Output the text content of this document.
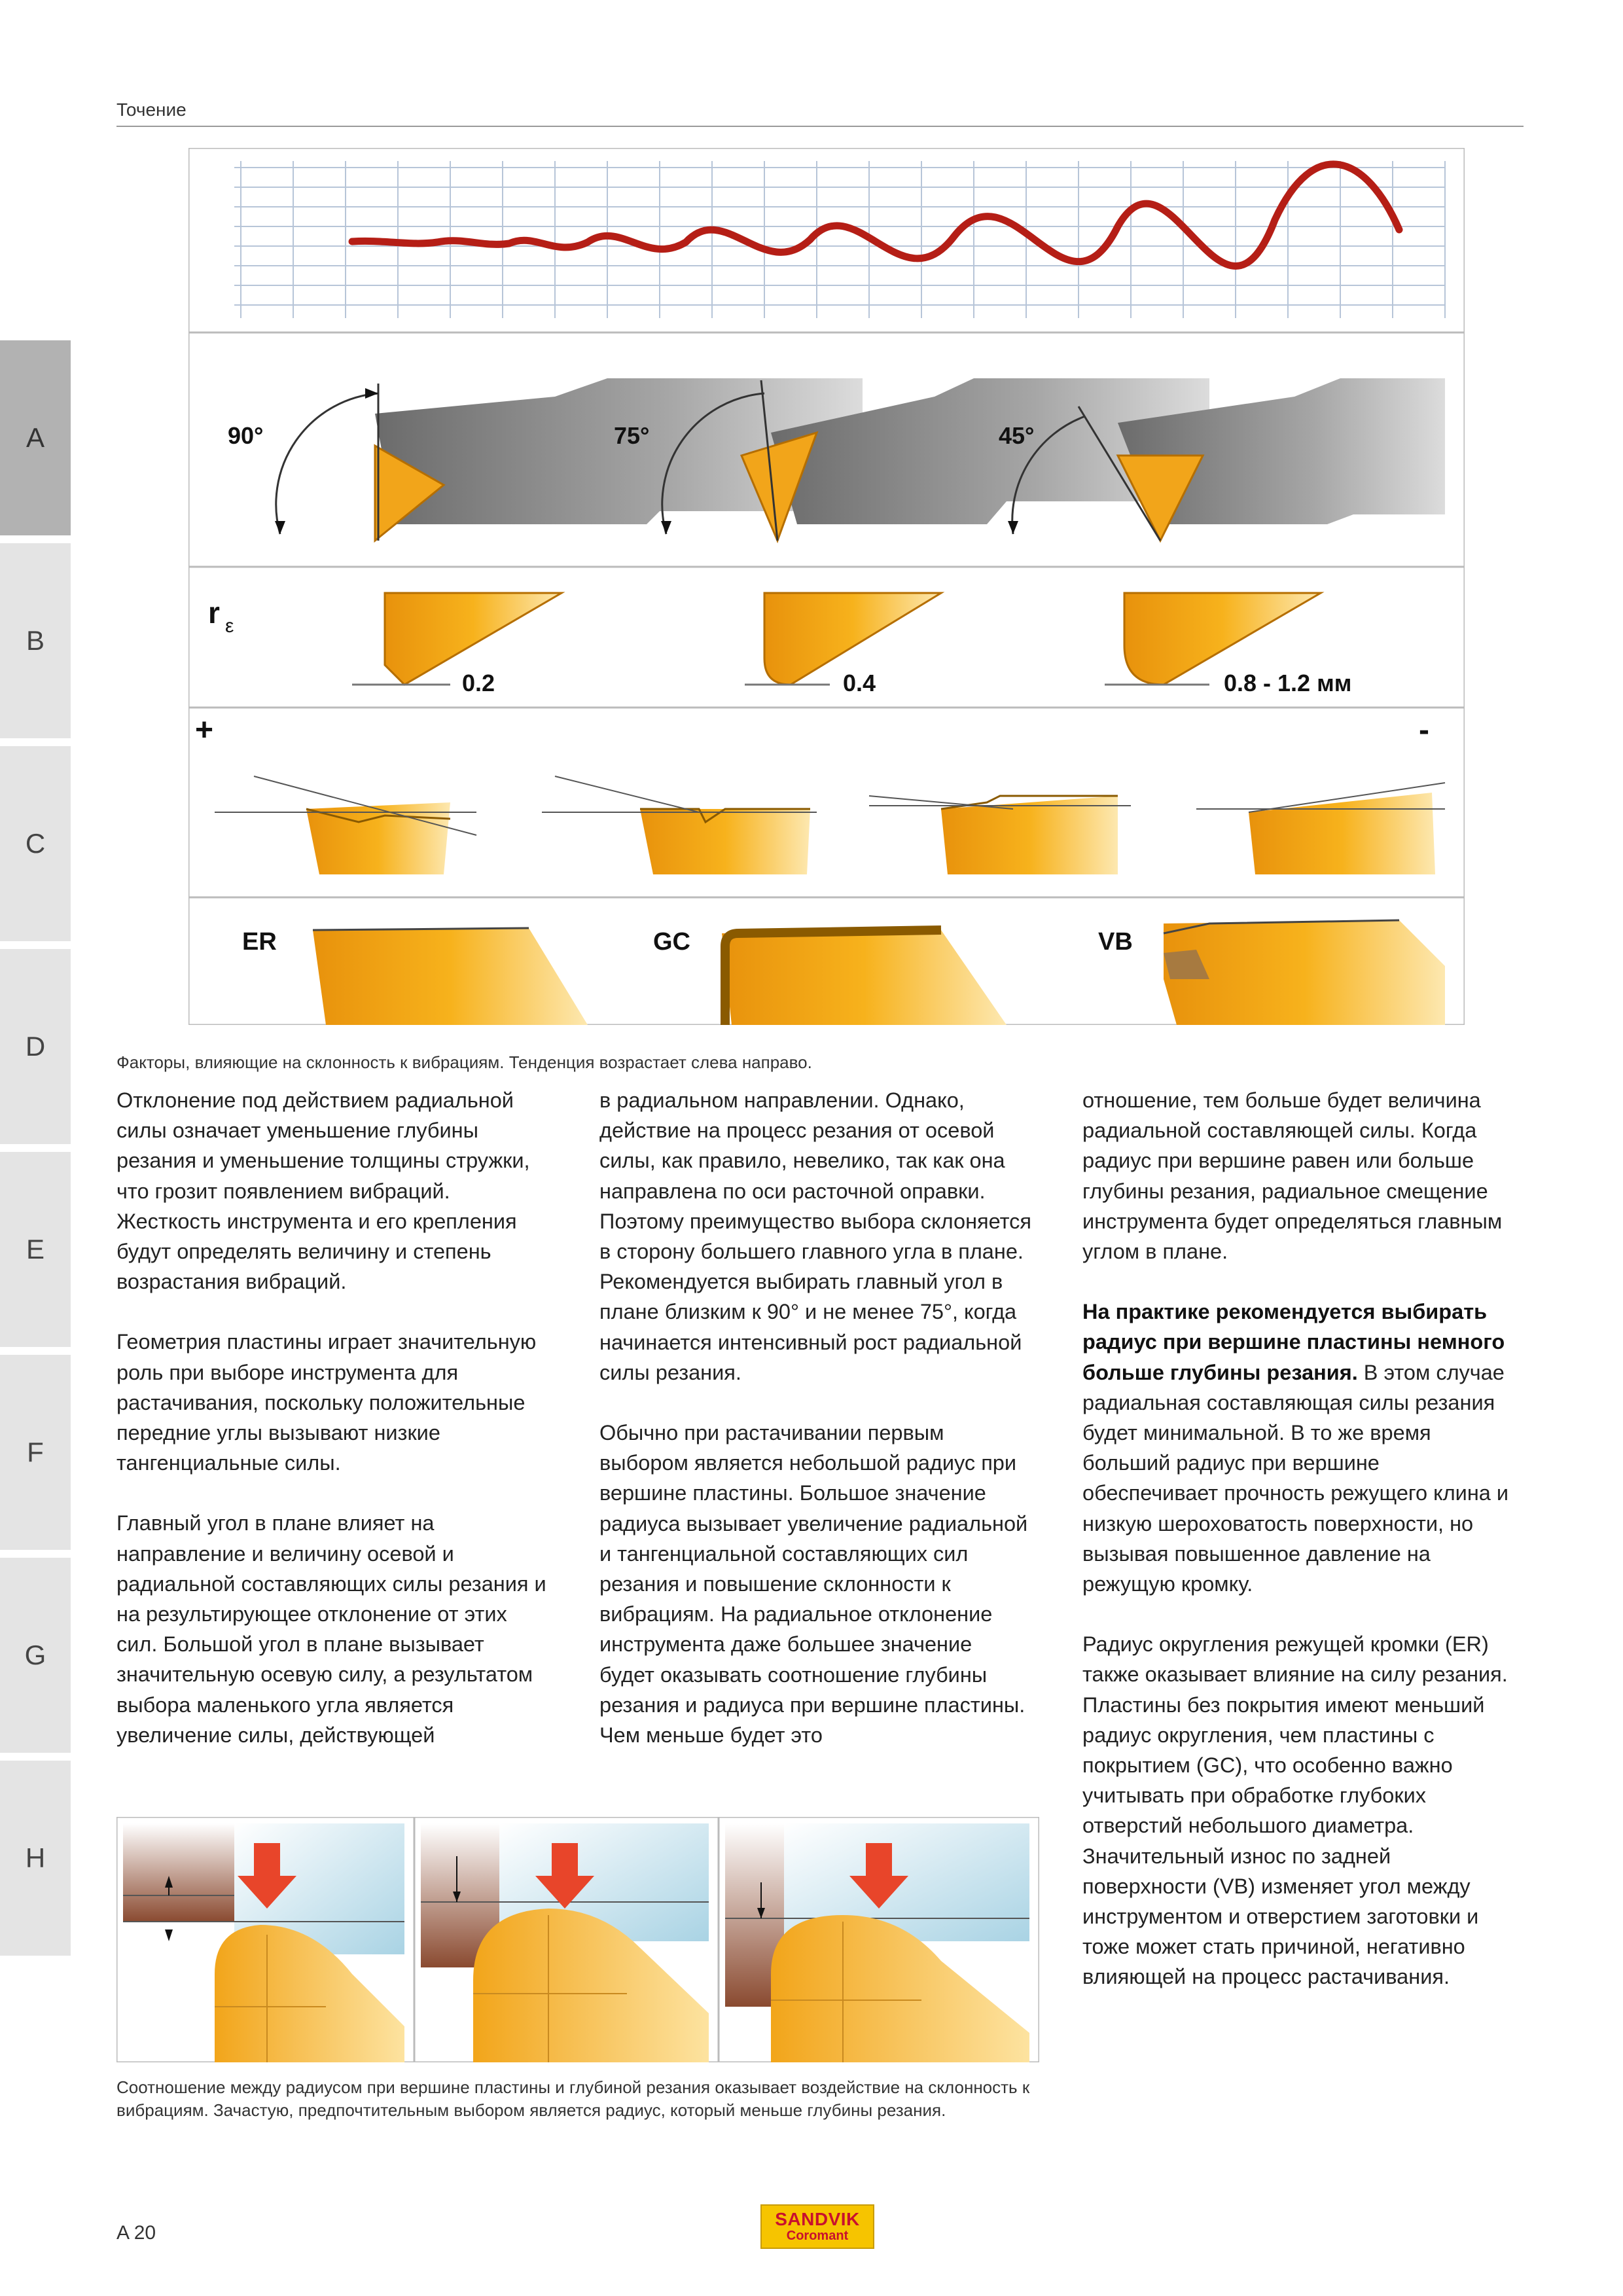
Точение
A
B
C
D
E
F
G
H
90°	75°	45°
r ε
0.2	0.4	0.8 - 1.2 мм
+	-
ER	GC	VB
Факторы, влияющие на склонность к вибрациям. Тенденция возрастает слева направо.

Отклонение под действием радиальной силы означает уменьшение глубины резания и уменьшение толщины стружки, что грозит появлением вибраций. Жесткость инструмента и его крепления будут определять величину и степень возрастания вибраций.

Геометрия пластины играет значительную роль при выборе инструмента для растачивания, поскольку положительные передние углы вызывают низкие тангенциальные силы.

Главный угол в плане влияет на направление и величину осевой и радиальной составляющих силы резания и на результирующее отклонение от этих сил. Большой угол в плане вызывает значительную осевую силу, а результатом выбора маленького угла является увеличение силы, действующей

в радиальном направлении. Однако, действие на процесс резания от осевой силы, как правило, невелико, так как она направлена по оси расточной оправки. Поэтому преимущество выбора склоняется в сторону большего главного угла в плане. Рекомендуется выбирать главный угол в плане близким к 90° и не менее 75°, когда начинается интенсивный рост радиальной силы резания.

Обычно при растачивании первым выбором является небольшой радиус при вершине пластины. Большое значение радиуса вызывает увеличение радиальной и тангенциальной составляющих сил резания и повышение склонности к вибрациям. На радиальное отклонение инструмента даже большее значение будет оказывать соотношение глубины резания и радиуса при вершине пластины. Чем меньше будет это

отношение, тем больше будет величина радиальной составляющей силы. Когда радиус при вершине равен или больше глубины резания, радиальное смещение инструмента будет определяться главным углом в плане.

На практике рекомендуется выбирать радиус при вершине пластины немного больше глубины резания. В этом случае радиальная составляющая силы резания будет минимальной. В то же время больший радиус при вершине обеспечивает прочность режущего клина и низкую шероховатость поверхности, но вызывая повышенное давление на режущую кромку.

Радиус округления режущей кромки (ER) также оказывает влияние на силу резания. Пластины без покрытия имеют меньший радиус округления, чем пластины с покрытием (GC), что особенно важно учитывать при обработке глубоких отверстий небольшого диаметра. Значительный износ по задней поверхности (VB) изменяет угол между инструментом и отверстием заготовки и тоже может стать причиной, негативно влияющей на процесс растачивания.

Соотношение между радиусом при вершине пластины и глубиной резания оказывает воздействие на склонность к вибрациям. Зачастую, предпочтительным выбором является радиус, который меньше глубины резания.
A 20
SANDVIK
Coromant
